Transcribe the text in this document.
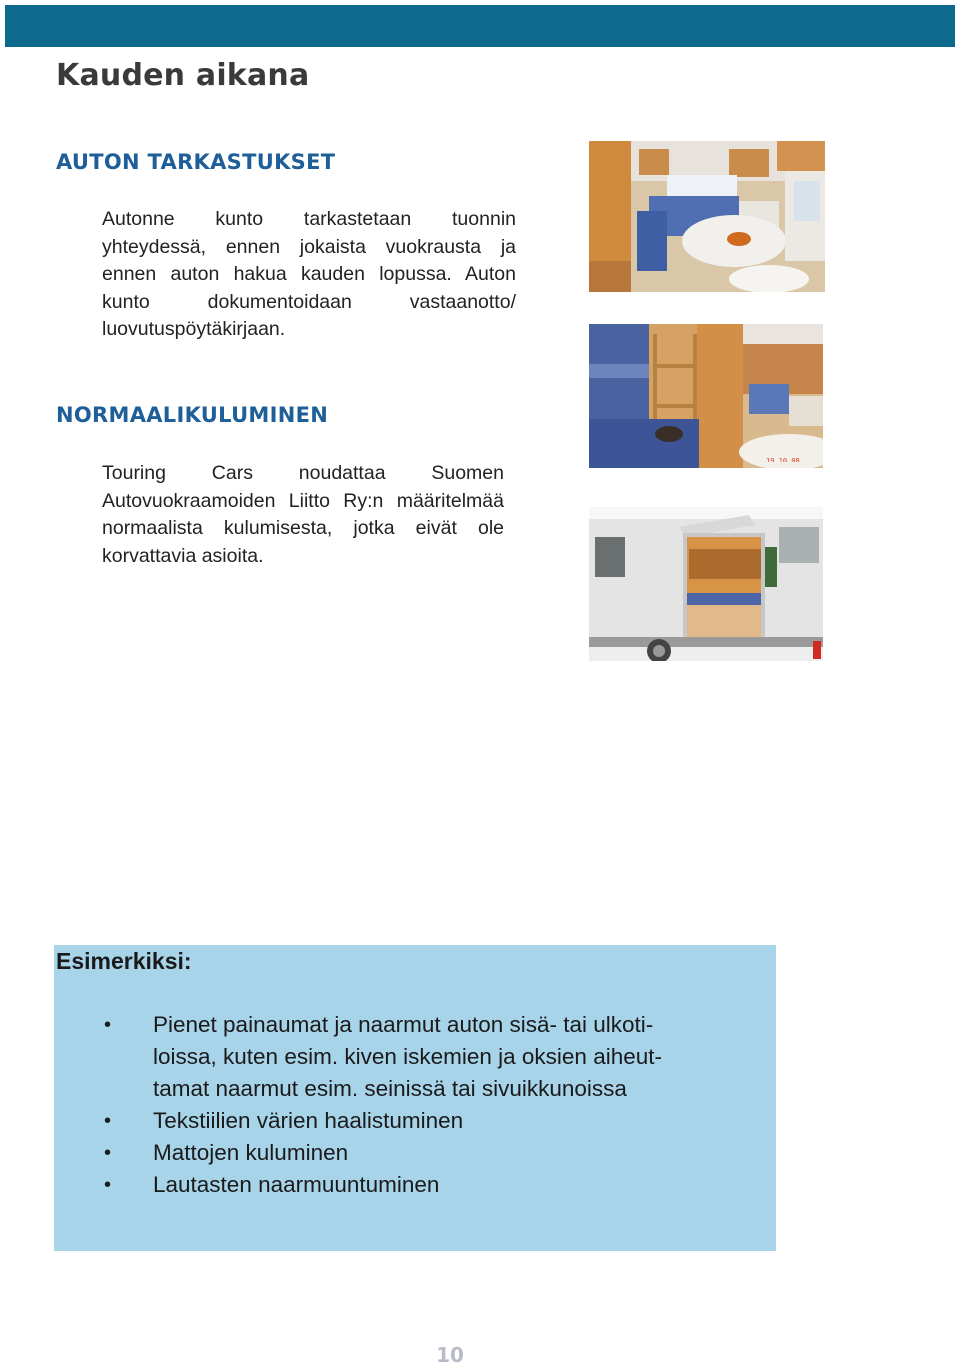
Kauden aikana
AUTON TARKASTUKSET

Autonne kunto tarkastetaan tuonnin yhteydessä, ennen jokaista vuokrausta ja ennen auton hakua kauden lopussa. Auton kunto dokumentoidaan vastaanotto/ luovutuspöytäkirjaan.

NORMAALIKULUMINEN

Touring Cars noudattaa Suomen Autovuokraamoiden Liitto Ry:n määritelmää normaalista kulumisesta, jotka eivät ole korvattavia asioita.

19 10 08
Esimerkiksi:
• Pienet painaumat ja naarmut auton sisä- tai ulkoti-loissa, kuten esim. kiven iskemien ja oksien aiheut-tamat naarmut esim. seinissä tai sivuikkunoissa
• Tekstiilien värien haalistuminen
• Mattojen kuluminen
• Lautasten naarmuuntuminen
10
